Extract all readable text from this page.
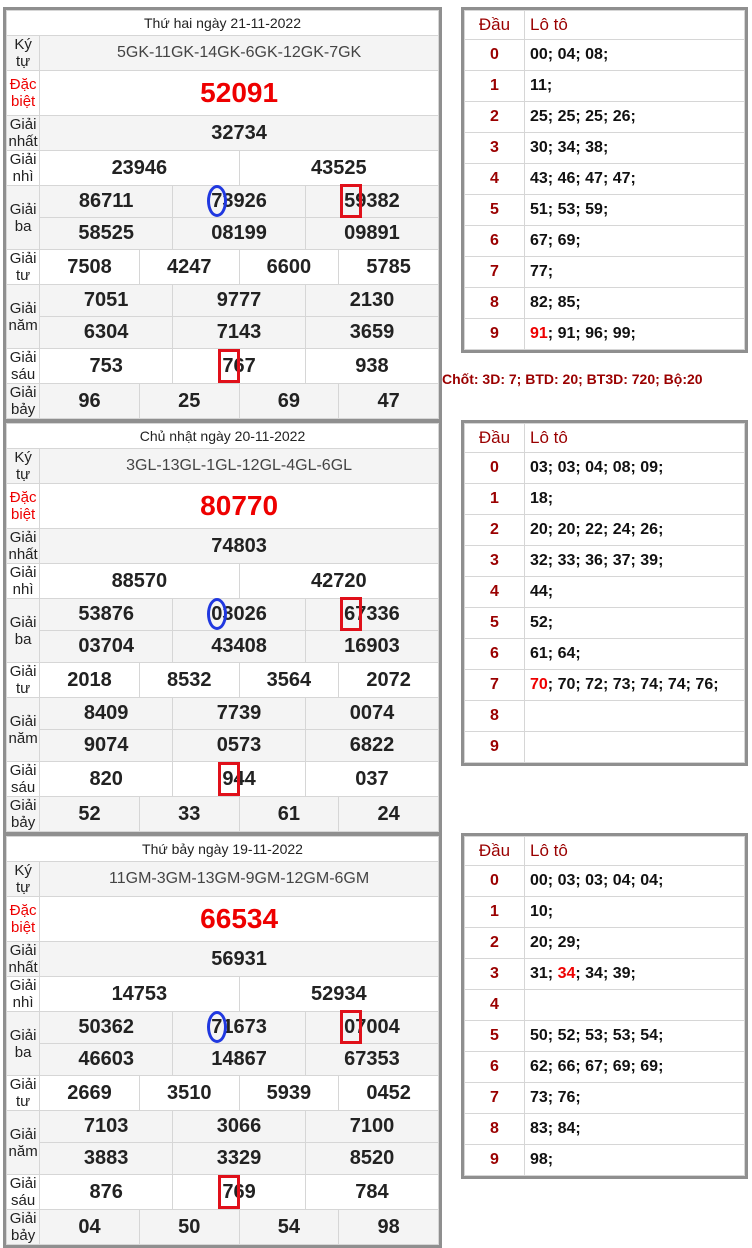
Thứ hai ngày 21-11-2022						
Ký tự	5GK-11GK-14GK-6GK-12GK-7GK					
Đặc biệt	52091					
Giải nhất	32734					
Giải nhì	23946			43525		
Giải ba	86711		73926		59382	

	58525		08199		09891	
Giải tư	7508	4247		6600		5785
Giải năm	7051		9777		2130	
	6304		7143		3659	
Giải sáu	753		767		938	
Giải bảy	96	25		69		47
Chủ nhật ngày 20-11-2022						
Ký tự	3GL-13GL-1GL-12GL-4GL-6GL					
Đặc biệt	80770					
Giải nhất	74803					
Giải nhì	88570			42720		
Giải ba	53876		03026		67336	

	03704		43408		16903	
Giải tư	2018	8532		3564		2072
Giải năm	8409		7739		0074	
	9074		0573		6822	
Giải sáu	820		944		037	
Giải bảy	52	33		61		24
Thứ bảy ngày 19-11-2022						
Ký tự	11GM-3GM-13GM-9GM-12GM-6GM					
Đặc biệt	66534					
Giải nhất	56931					
Giải nhì	14753			52934		
Giải ba	50362		71673		07004	

	46603		14867		67353	
Giải tư	2669	3510		5939		0452
Giải năm	7103		3066		7100	
	3883		3329		8520	
Giải sáu	876		769		784	
Giải bảy	04	50		54		98
Đầu	Lô tô
0	00; 04; 08;
1	11;
2	25; 25; 25; 26;
3	30; 34; 38;
4	43; 46; 47; 47;
5	51; 53; 59;
6	67; 69;
7	77;
8	82; 85;
9	91; 91; 96; 99;
Chốt: 3D: 7; BTD: 20; BT3D: 720; Bộ:20
Đầu	Lô tô
0	03; 03; 04; 08; 09;
1	18;
2	20; 20; 22; 24; 26;
3	32; 33; 36; 37; 39;
4	44;
5	52;
6	61; 64;
7	70; 70; 72; 73; 74; 74; 76;
8	
9	
Đầu	Lô tô
0	00; 03; 03; 04; 04;
1	10;
2	20; 29;
3	31; 34; 34; 39;
4	
5	50; 52; 53; 53; 54;
6	62; 66; 67; 69; 69;
7	73; 76;
8	83; 84;
9	98;
